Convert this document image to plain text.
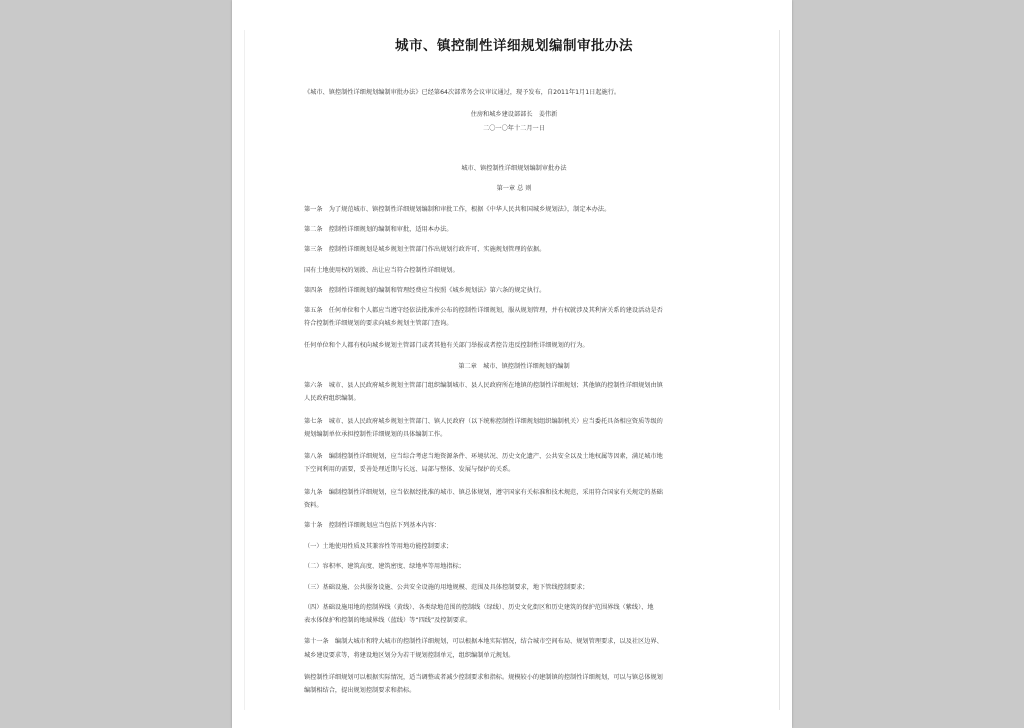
城市、镇控制性详细规划编制审批办法
《城市、镇控制性详细规划编制审批办法》已经第64次部常务会议审议通过，现予发布，自2011年1月1日起施行。
住房和城乡建设部部长　姜伟新
二〇一〇年十二月一日
城市、镇控制性详细规划编制审批办法
第一章 总 则
第一条　为了规范城市、镇控制性详细规划编制和审批工作，根据《中华人民共和国城乡规划法》，制定本办法。
第二条　控制性详细规划的编制和审批，适用本办法。
第三条　控制性详细规划是城乡规划主管部门作出规划行政许可、实施规划管理的依据。
国有土地使用权的划拨、出让应当符合控制性详细规划。
第四条　控制性详细规划的编制和管理经费应当按照《城乡规划法》第六条的规定执行。
第五条　任何单位和个人都应当遵守经依法批准并公布的控制性详细规划，服从规划管理，并有权就涉及其利害关系的建设活动是否
符合控制性详细规划的要求向城乡规划主管部门查询。
任何单位和个人都有权向城乡规划主管部门或者其他有关部门举报或者控告违反控制性详细规划的行为。
第二章　城市、镇控制性详细规划的编制
第六条　城市、县人民政府城乡规划主管部门组织编制城市、县人民政府所在地镇的控制性详细规划；其他镇的控制性详细规划由镇
人民政府组织编制。
第七条　城市、县人民政府城乡规划主管部门、镇人民政府（以下统称控制性详细规划组织编制机关）应当委托具备相应资质等级的
规划编制单位承担控制性详细规划的具体编制工作。
第八条　编制控制性详细规划，应当综合考虑当地资源条件、环境状况、历史文化遗产、公共安全以及土地权属等因素，满足城市地
下空间利用的需要，妥善处理近期与长远、局部与整体、发展与保护的关系。
第九条　编制控制性详细规划，应当依据经批准的城市、镇总体规划，遵守国家有关标准和技术规范，采用符合国家有关规定的基础
资料。
第十条　控制性详细规划应当包括下列基本内容：
（一）土地使用性质及其兼容性等用地功能控制要求；
（二）容积率、建筑高度、建筑密度、绿地率等用地指标；
（三）基础设施、公共服务设施、公共安全设施的用地规模、范围及具体控制要求，地下管线控制要求；
（四）基础设施用地的控制界线（黄线）、各类绿地范围的控制线（绿线）、历史文化街区和历史建筑的保护范围界线（紫线）、地
表水体保护和控制的地域界线（蓝线）等“四线”及控制要求。
第十一条　编制大城市和特大城市的控制性详细规划，可以根据本地实际情况，结合城市空间布局、规划管理要求，以及社区边界、
城乡建设要求等，将建设地区划分为若干规划控制单元，组织编制单元规划。
镇控制性详细规划可以根据实际情况，适当调整或者减少控制要求和指标。规模较小的建制镇的控制性详细规划，可以与镇总体规划
编制相结合，提出规划控制要求和指标。
